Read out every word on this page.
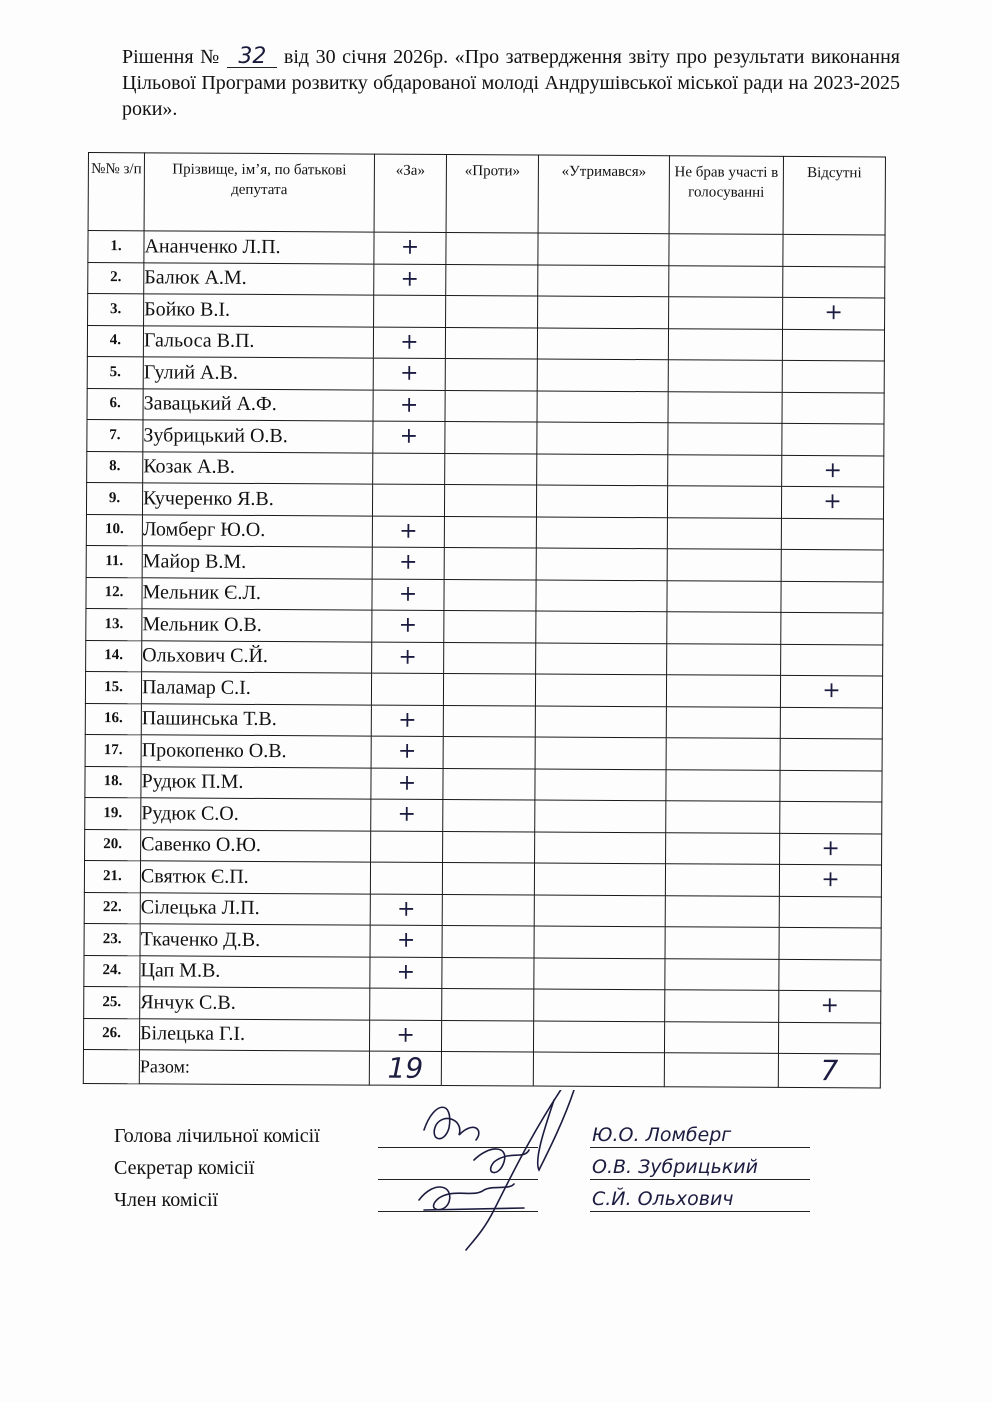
Рішення № 32 від 30 січня 2026р. «Про затвердження звіту про результати виконання Цільової Програми розвитку обдарованої молоді Андрушівської міської ради на 2023-2025 роки».
№№ з/п	Прізвище, ім’я, по батькові депутата	«За»	«Проти»	«Утримався»	Не брав участі в голосуванні	Відсутні
1.	Ананченко Л.П.	+				
2.	Балюк А.М.	+				
3.	Бойко В.І.					+
4.	Гальоса В.П.	+				
5.	Гулий А.В.	+				
6.	Завацький А.Ф.	+				
7.	Зубрицький О.В.	+				
8.	Козак А.В.					+
9.	Кучеренко Я.В.					+
10.	Ломберг Ю.О.	+				
11.	Майор В.М.	+				
12.	Мельник Є.Л.	+				
13.	Мельник О.В.	+				
14.	Ольхович С.Й.	+				
15.	Паламар С.І.					+
16.	Пашинська Т.В.	+				
17.	Прокопенко О.В.	+				
18.	Рудюк П.М.	+				
19.	Рудюк С.О.	+				
20.	Савенко О.Ю.					+
21.	Святюк Є.П.					+
22.	Сілецька Л.П.	+				
23.	Ткаченко Д.В.	+				
24.	Цап М.В.	+				
25.	Янчук С.В.					+
26.	Білецька Г.І.	+				
	Разом:	19				7
Голова лічильної комісії	Ю.О. Ломберг
Секретар комісії	О.В. Зубрицький
Член комісії	С.Й. Ольхович
